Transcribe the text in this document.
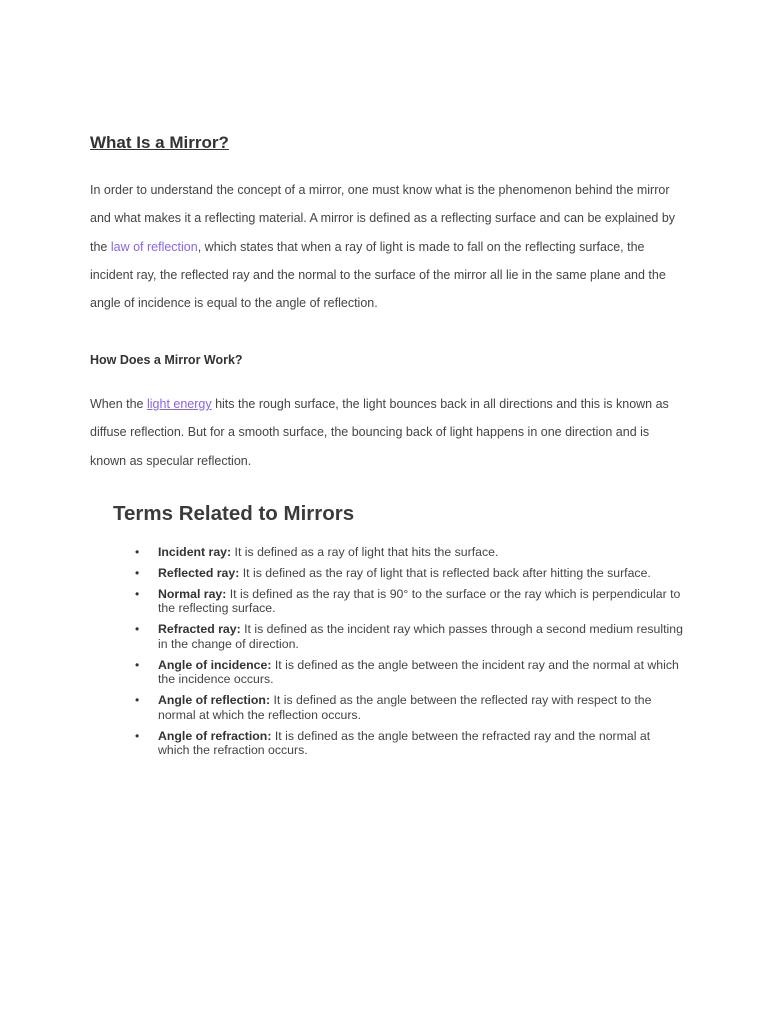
What Is a Mirror?

In order to understand the concept of a mirror, one must know what is the phenomenon behind the mirror and what makes it a reflecting material. A mirror is defined as a reflecting surface and can be explained by the law of reflection, which states that when a ray of light is made to fall on the reflecting surface, the incident ray, the reflected ray and the normal to the surface of the mirror all lie in the same plane and the angle of incidence is equal to the angle of reflection.

How Does a Mirror Work?

When the light energy hits the rough surface, the light bounces back in all directions and this is known as diffuse reflection. But for a smooth surface, the bouncing back of light happens in one direction and is known as specular reflection.

Terms Related to Mirrors
• Incident ray: It is defined as a ray of light that hits the surface.
• Reflected ray: It is defined as the ray of light that is reflected back after hitting the surface.
• Normal ray: It is defined as the ray that is 90° to the surface or the ray which is perpendicular to the reflecting surface.
• Refracted ray: It is defined as the incident ray which passes through a second medium resulting in the change of direction.
• Angle of incidence: It is defined as the angle between the incident ray and the normal at which the incidence occurs.
• Angle of reflection: It is defined as the angle between the reflected ray with respect to the normal at which the reflection occurs.
• Angle of refraction: It is defined as the angle between the refracted ray and the normal at which the refraction occurs.
